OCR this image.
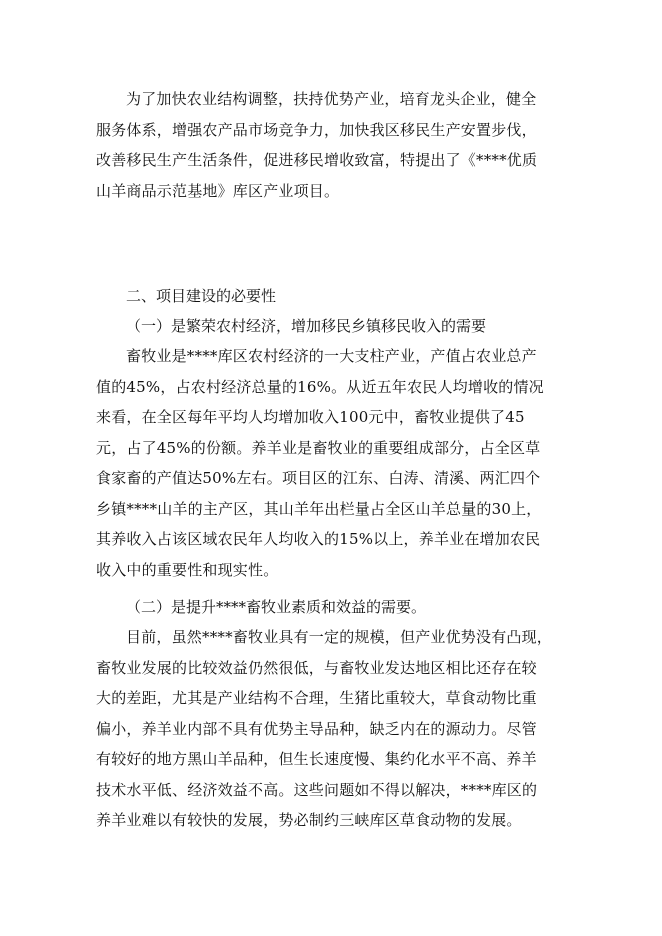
为了加快农业结构调整，扶持优势产业，培育龙头企业，健全
服务体系，增强农产品市场竞争力，加快我区移民生产安置步伐，
改善移民生产生活条件，促进移民增收致富，特提出了《****优质
山羊商品示范基地》库区产业项目。
二、项目建设的必要性
（一）是繁荣农村经济，增加移民乡镇移民收入的需要
畜牧业是****库区农村经济的一大支柱产业，产值占农业总产
值的45%，占农村经济总量的16%。从近五年农民人均增收的情况
来看，在全区每年平均人均增加收入100元中，畜牧业提供了45
元，占了45%的份额。养羊业是畜牧业的重要组成部分，占全区草
食家畜的产值达50%左右。项目区的江东、白涛、清溪、两汇四个
乡镇****山羊的主产区，其山羊年出栏量占全区山羊总量的30上，
其养收入占该区域农民年人均收入的15%以上，养羊业在增加农民
收入中的重要性和现实性。
（二）是提升****畜牧业素质和效益的需要。
目前，虽然****畜牧业具有一定的规模，但产业优势没有凸现，
畜牧业发展的比较效益仍然很低，与畜牧业发达地区相比还存在较
大的差距，尤其是产业结构不合理，生猪比重较大，草食动物比重
偏小，养羊业内部不具有优势主导品种，缺乏内在的源动力。尽管
有较好的地方黑山羊品种，但生长速度慢、集约化水平不高、养羊
技术水平低、经济效益不高。这些问题如不得以解决，****库区的
养羊业难以有较快的发展，势必制约三峡库区草食动物的发展。
